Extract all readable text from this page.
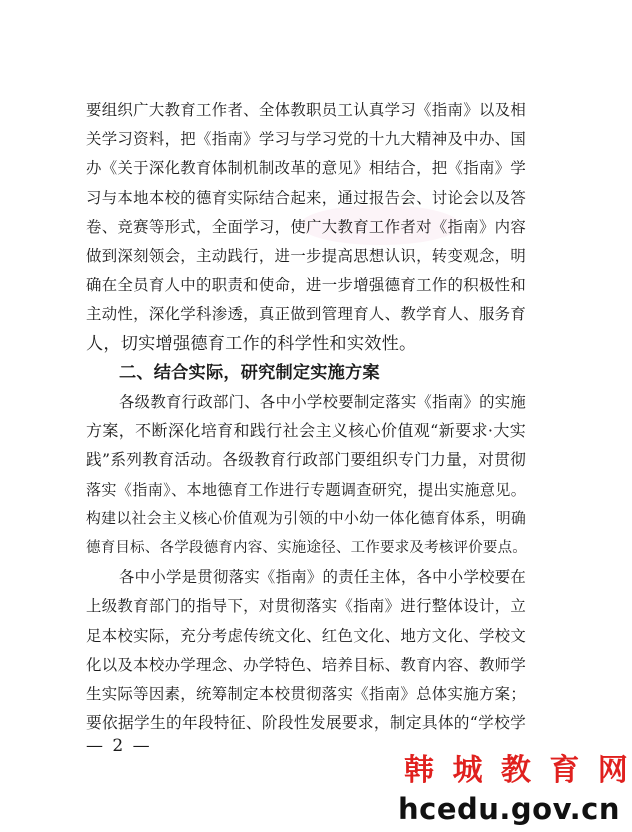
要组织广大教育工作者、全体教职员工认真学习《指南》以及相
关学习资料，把《指南》学习与学习党的十九大精神及中办、国
办《关于深化教育体制机制改革的意见》相结合，把《指南》学
习与本地本校的德育实际结合起来，通过报告会、讨论会以及答
卷、竞赛等形式，全面学习，使广大教育工作者对《指南》内容
做到深刻领会，主动践行，进一步提高思想认识，转变观念，明
确在全员育人中的职责和使命，进一步增强德育工作的积极性和
主动性，深化学科渗透，真正做到管理育人、教学育人、服务育
人，切实增强德育工作的科学性和实效性。
二、结合实际，研究制定实施方案
各级教育行政部门、各中小学校要制定落实《指南》的实施
方案，不断深化培育和践行社会主义核心价值观“新要求·大实
践”系列教育活动。各级教育行政部门要组织专门力量，对贯彻
落实《指南》、本地德育工作进行专题调查研究，提出实施意见。
构建以社会主义核心价值观为引领的中小幼一体化德育体系，明确
德育目标、各学段德育内容、实施途径、工作要求及考核评价要点。
各中小学是贯彻落实《指南》的责任主体，各中小学校要在
上级教育部门的指导下，对贯彻落实《指南》进行整体设计，立
足本校实际，充分考虑传统文化、红色文化、地方文化、学校文
化以及本校办学理念、办学特色、培养目标、教育内容、教师学
生实际等因素，统筹制定本校贯彻落实《指南》总体实施方案；
要依据学生的年段特征、阶段性发展要求，制定具体的“学校学
— 2 —
韩 城 教 育 网
hcedu.gov.cn
